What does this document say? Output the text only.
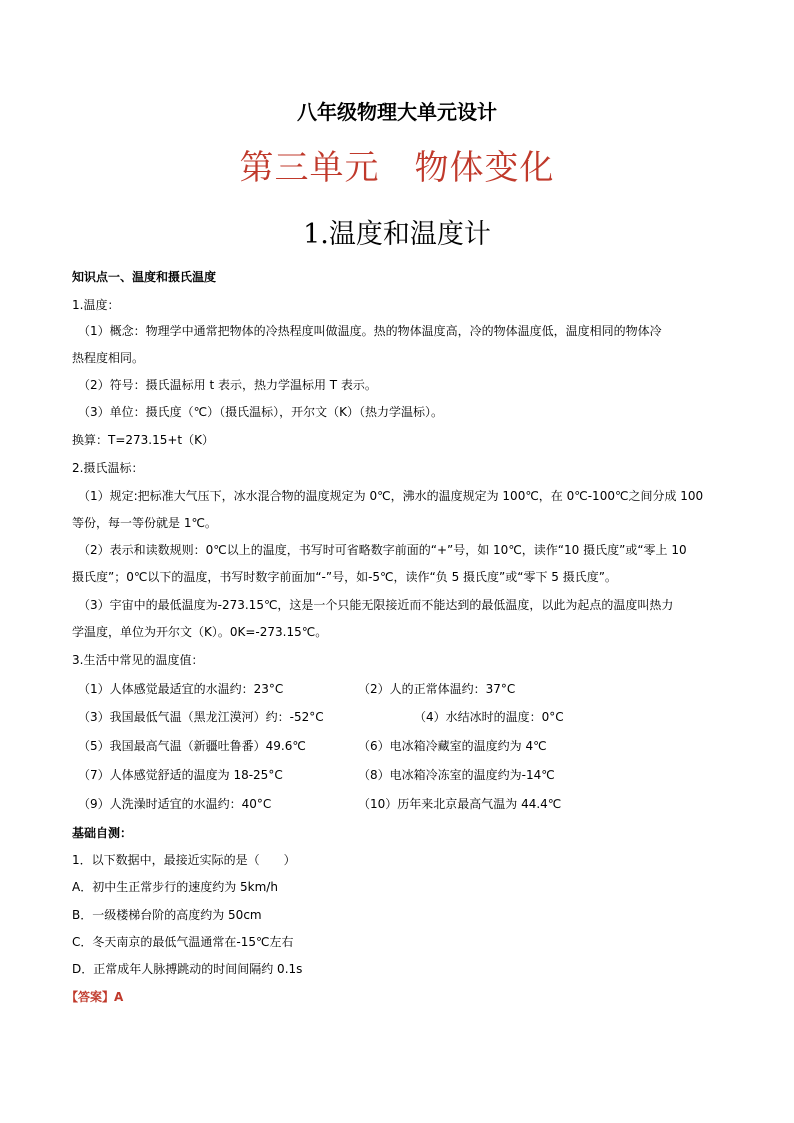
八年级物理大单元设计
第三单元　物体变化
1.温度和温度计
知识点一、温度和摄氏温度
1.温度：
（1）概念：物理学中通常把物体的冷热程度叫做温度。热的物体温度高，冷的物体温度低，温度相同的物体冷
热程度相同。
（2）符号：摄氏温标用 t 表示，热力学温标用 T 表示。
（3）单位：摄氏度（℃）（摄氏温标），开尔文（K）（热力学温标）。
换算：T=273.15+t（K）
2.摄氏温标：
（1）规定:把标准大气压下，冰水混合物的温度规定为 0℃，沸水的温度规定为 100℃，在 0℃-100℃之间分成 100
等份，每一等份就是 1℃。
（2）表示和读数规则：0℃以上的温度，书写时可省略数字前面的“+”号，如 10℃，读作“10 摄氏度”或“零上 10
摄氏度”；0℃以下的温度，书写时数字前面加“-”号，如-5℃，读作“负 5 摄氏度”或“零下 5 摄氏度”。
（3）宇宙中的最低温度为-273.15℃，这是一个只能无限接近而不能达到的最低温度，以此为起点的温度叫热力
学温度，单位为开尔文（K）。0K=-273.15℃。
3.生活中常见的温度值：
（1）人体感觉最适宜的水温约：23°C	（2）人的正常体温约：37°C
（3）我国最低气温（黑龙江漠河）约：-52°C	（4）水结冰时的温度：0°C
（5）我国最高气温（新疆吐鲁番）49.6℃	（6）电冰箱冷藏室的温度约为 4℃
（7）人体感觉舒适的温度为 18-25°C	（8）电冰箱冷冻室的温度约为-14℃
（9）人洗澡时适宜的水温约：40°C	（10）历年来北京最高气温为 44.4℃
基础自测：
1．以下数据中，最接近实际的是（　　）
A．初中生正常步行的速度约为 5km/h
B．一级楼梯台阶的高度约为 50cm
C．冬天南京的最低气温通常在-15℃左右
D．正常成年人脉搏跳动的时间间隔约 0.1s
【答案】A
